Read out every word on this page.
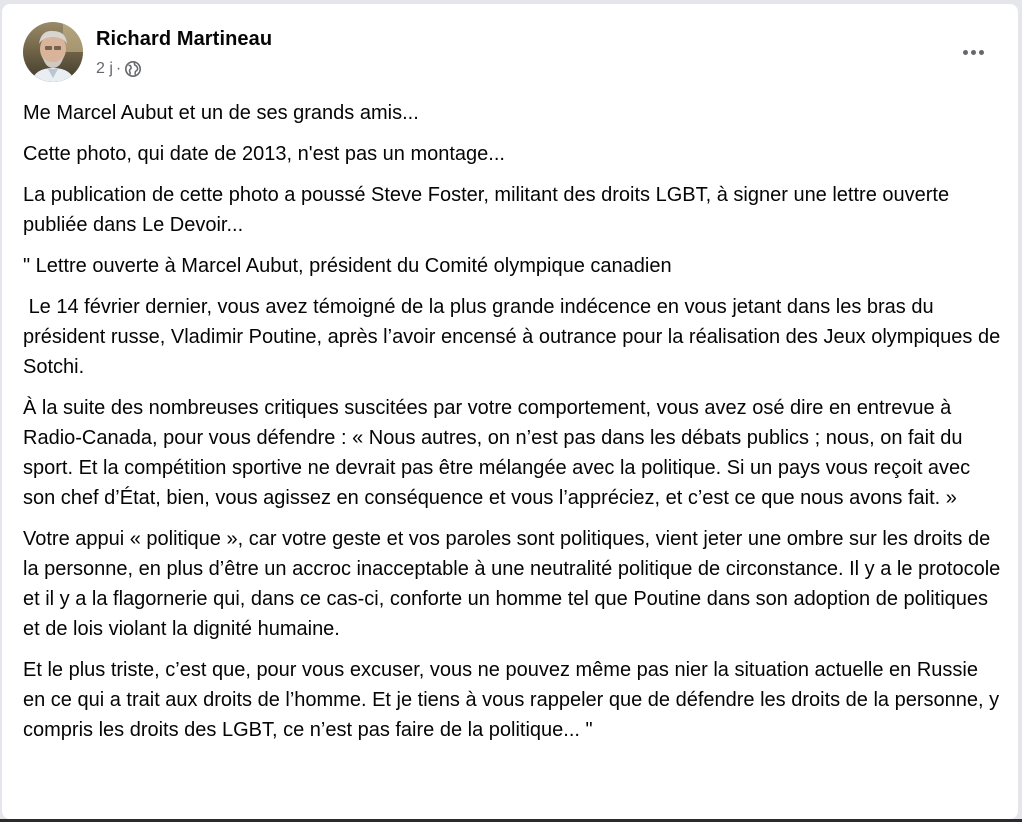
Richard Martineau
2 j ·

Me Marcel Aubut et un de ses grands amis...

Cette photo, qui date de 2013, n'est pas un montage...

La publication de cette photo a poussé Steve Foster, militant des droits LGBT, à signer une lettre ouverte publiée dans Le Devoir...

" Lettre ouverte à Marcel Aubut, président du Comité olympique canadien

Le 14 février dernier, vous avez témoigné de la plus grande indécence en vous jetant dans les bras du président russe, Vladimir Poutine, après l’avoir encensé à outrance pour la réalisation des Jeux olympiques de Sotchi.

À la suite des nombreuses critiques suscitées par votre comportement, vous avez osé dire en entrevue à Radio-Canada, pour vous défendre : « Nous autres, on n’est pas dans les débats publics ; nous, on fait du sport. Et la compétition sportive ne devrait pas être mélangée avec la politique. Si un pays vous reçoit avec son chef d’État, bien, vous agissez en conséquence et vous l’appréciez, et c’est ce que nous avons fait. »

Votre appui « politique », car votre geste et vos paroles sont politiques, vient jeter une ombre sur les droits de la personne, en plus d’être un accroc inacceptable à une neutralité politique de circonstance. Il y a le protocole et il y a la flagornerie qui, dans ce cas-ci, conforte un homme tel que Poutine dans son adoption de politiques et de lois violant la dignité humaine.

Et le plus triste, c’est que, pour vous excuser, vous ne pouvez même pas nier la situation actuelle en Russie en ce qui a trait aux droits de l’homme. Et je tiens à vous rappeler que de défendre les droits de la personne, y compris les droits des LGBT, ce n’est pas faire de la politique... "
